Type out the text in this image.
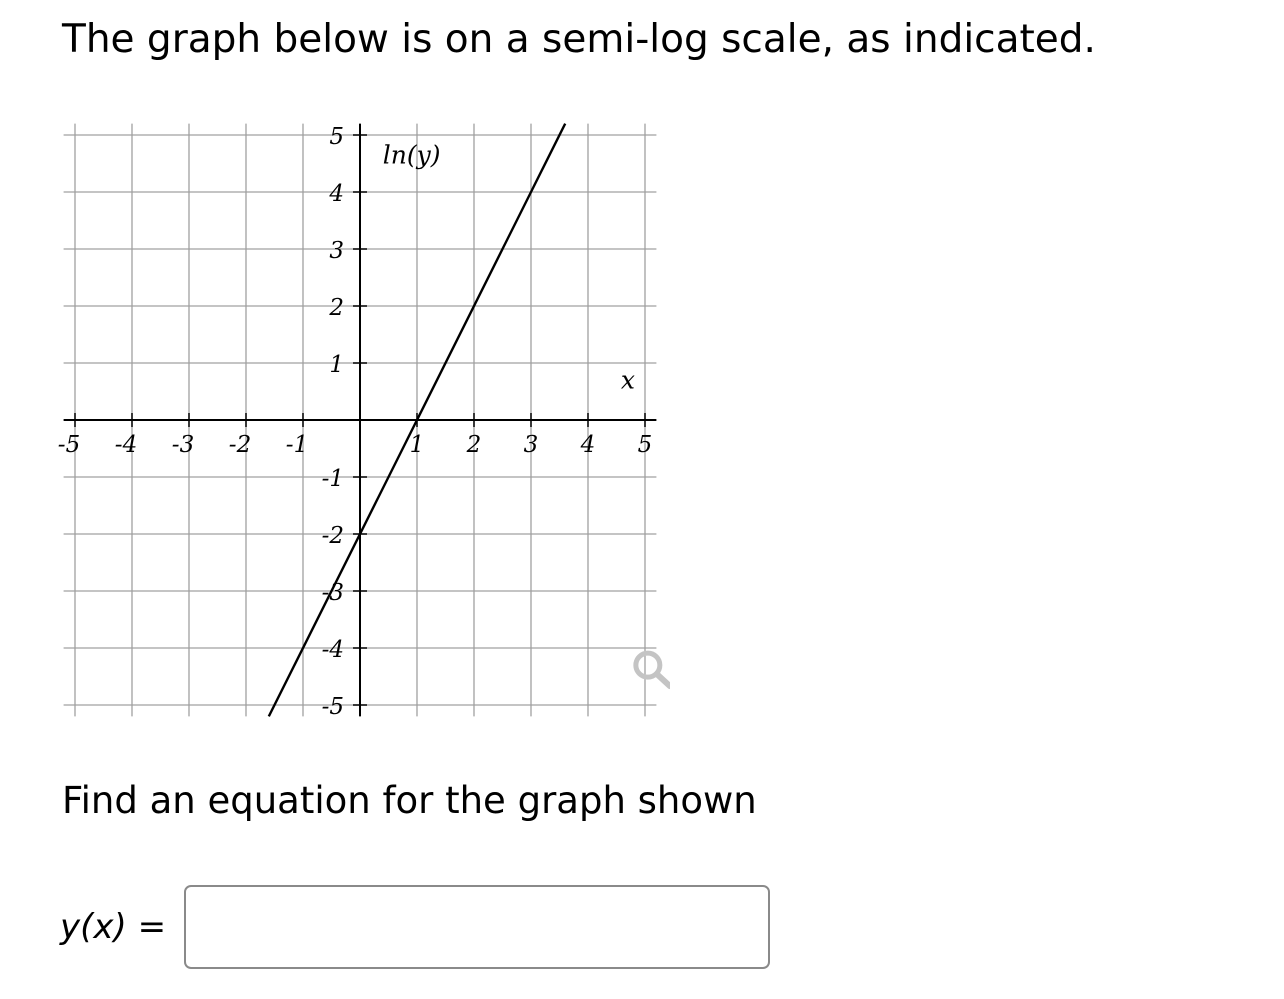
The graph below is on a semi-log scale, as indicated.
-5 -4 -3 -2 -1	1 2 3 4 5
-5
-4
-3
-2
-1
1
2
3
4
5
x
ln(y)

Find an equation for the graph shown

y(x) =
